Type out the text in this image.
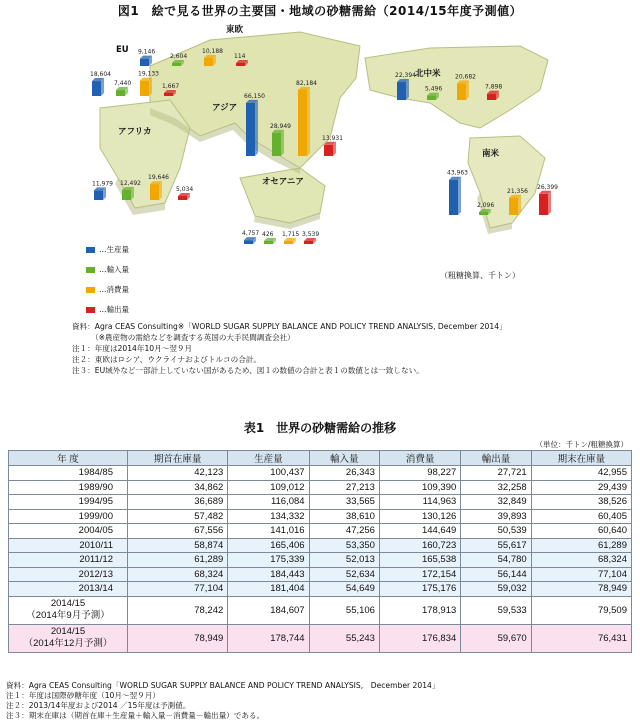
図1　絵で見る世界の主要国・地域の砂糖需給（2014/15年度予測値）
EU
東欧
アジア
アフリカ
北中米
南米
オセアニア
18,604
7,440
19,133
1,667
9,146
2,604
10,188
114
66,150
28,949
82,184
13,931
11,979 12,492
19,646
5,034
22,394
5,496
20,682
7,898
43,963
2,096
21,356
26,399
4,757 426 1,715 3,539
…生産量
…輸入量
…消費量
…輸出量
（粗糖換算、千トン）
資料：Agra CEAS Consulting※「WORLD SUGAR SUPPLY BALANCE AND POLICY TREND ANALYSIS, December 2014」
　　　（※農産物の需給などを調査する英国の大手民間調査会社）
注１：年度は2014年10月～翌９月
注２：東欧はロシア、ウクライナおよびトルコの合計。
注３：EU域外など一部計上していない国があるため、図１の数値の合計と表１の数値とは一致しない。
表1　世界の砂糖需給の推移
（単位：千トン/粗糖換算）
年 度	期首在庫量	生産量	輸入量	消費量	輸出量	期末在庫量
1984/85	42,123	100,437	26,343	98,227	27,721	42,955
1989/90	34,862	109,012	27,213	109,390	32,258	29,439
1994/95	36,689	116,084	33,565	114,963	32,849	38,526
1999/00	57,482	134,332	38,610	130,126	39,893	60,405
2004/05	67,556	141,016	47,256	144,649	50,539	60,640
2010/11	58,874	165,406	53,350	160,723	55,617	61,289
2011/12	61,289	175,339	52,013	165,538	54,780	68,324
2012/13	68,324	184,443	52,634	172,154	56,144	77,104
2013/14	77,104	181,404	54,649	175,176	59,032	78,949

2014/15
（2014年9月予測）	78,242	184,607	55,106	178,913	59,533	79,509

2014/15
（2014年12月予測）	78,949	178,744	55,243	176,834	59,670	76,431
資料：Agra CEAS Consulting「WORLD SUGAR SUPPLY BALANCE AND POLICY TREND ANALYSIS,　December 2014」
注１：年度は国際砂糖年度（10月～翌９月）
注２：2013/14年度および2014 ／15年度は予測値。
注３：期末在庫は（期首在庫＋生産量＋輸入量－消費量－輸出量）である。
